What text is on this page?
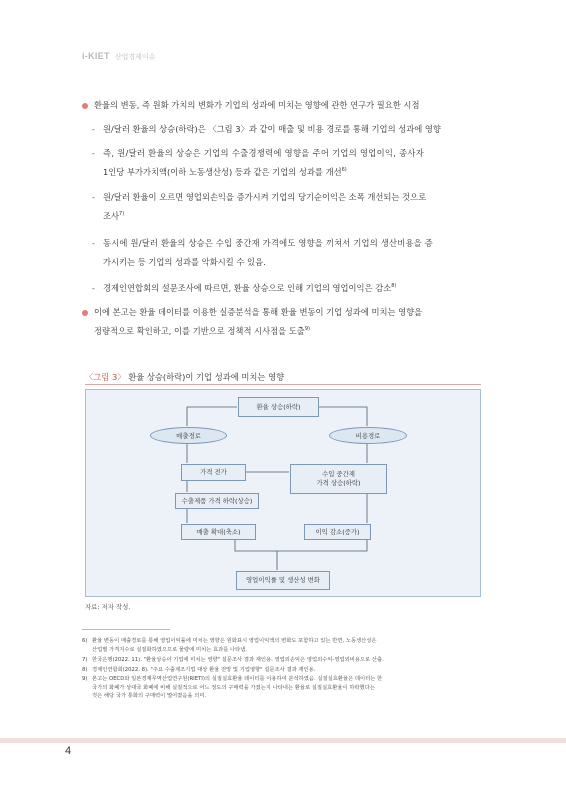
i-KIET 산업경제이슈
환율의 변동, 즉 원화 가치의 변화가 기업의 성과에 미치는 영향에 관한 연구가 필요한 시점
- 원/달러 환율의 상승(하락)은 〈그림 3〉과 같이 매출 및 비용 경로를 통해 기업의 성과에 영향
- 즉, 원/달러 환율의 상승은 기업의 수출경쟁력에 영향을 주어 기업의 영업이익, 종사자
1인당 부가가치액(이하 노동생산성) 등과 같은 기업의 성과를 개선$^{6)}$
- 원/달러 환율이 오르면 영업외손익을 증가시켜 기업의 당기순이익은 소폭 개선되는 것으로
조사$^{7)}$
- 동시에 원/달러 환율의 상승은 수입 중간재 가격에도 영향을 끼쳐서 기업의 생산비용을 증
가시키는 등 기업의 성과를 악화시킬 수 있음.
- 경제인연합회의 설문조사에 따르면, 환율 상승으로 인해 기업의 영업이익은 감소$^{8)}$
이에 본고는 환율 데이터를 이용한 실증분석을 통해 환율 변동이 기업 성과에 미치는 영향을
정량적으로 확인하고, 이를 기반으로 정책적 시사점을 도출$^{9)}$
〈그림 3〉 환율 상승(하락)이 기업 성과에 미치는 영향
환율 상승(하락)
매출경로	비용경로
가격 전가
수출제품 가격 하락(상승)
매출 확대(축소)
수입 중간재
가격 상승(하락)
이익 감소(증가)
영업이익률 및 생산성 변화
자료: 저자 작성.
6) 환율 변동이 매출경로를 통해 영업이익률에 미치는 영향은 원화표시 영업이익액의 변화도 포함하고 있는 반면, 노동생산성은
산업별 가격지수로 실질화하였으므로 물량에 미치는 효과를 나타냄.
7) 한국은행(2022. 11). "환율상승이 기업에 미치는 영향" 설문조사 결과 재인용. 영업외손익은 영업외수익-영업외비용으로 산출.
8) 경제인연합회(2022. 8). "주요 수출제조기업 대상 환율 전망 및 기업영향" 설문조사 결과 재인용.
9) 본고는 OECD와 일본경제무역산업연구원(RIETI)의 실질실효환율 데이터를 이용하여 분석하였음. 실질실효환율은 데이터는 한
국가의 화폐가 상대국 화폐에 비해 실질적으로 어느 정도의 구매력을 가졌는지 나타내는 환율로 실질실효환율이 하락했다는
것은 해당 국가 통화의 구매력이 떨어졌음을 의미.
4
